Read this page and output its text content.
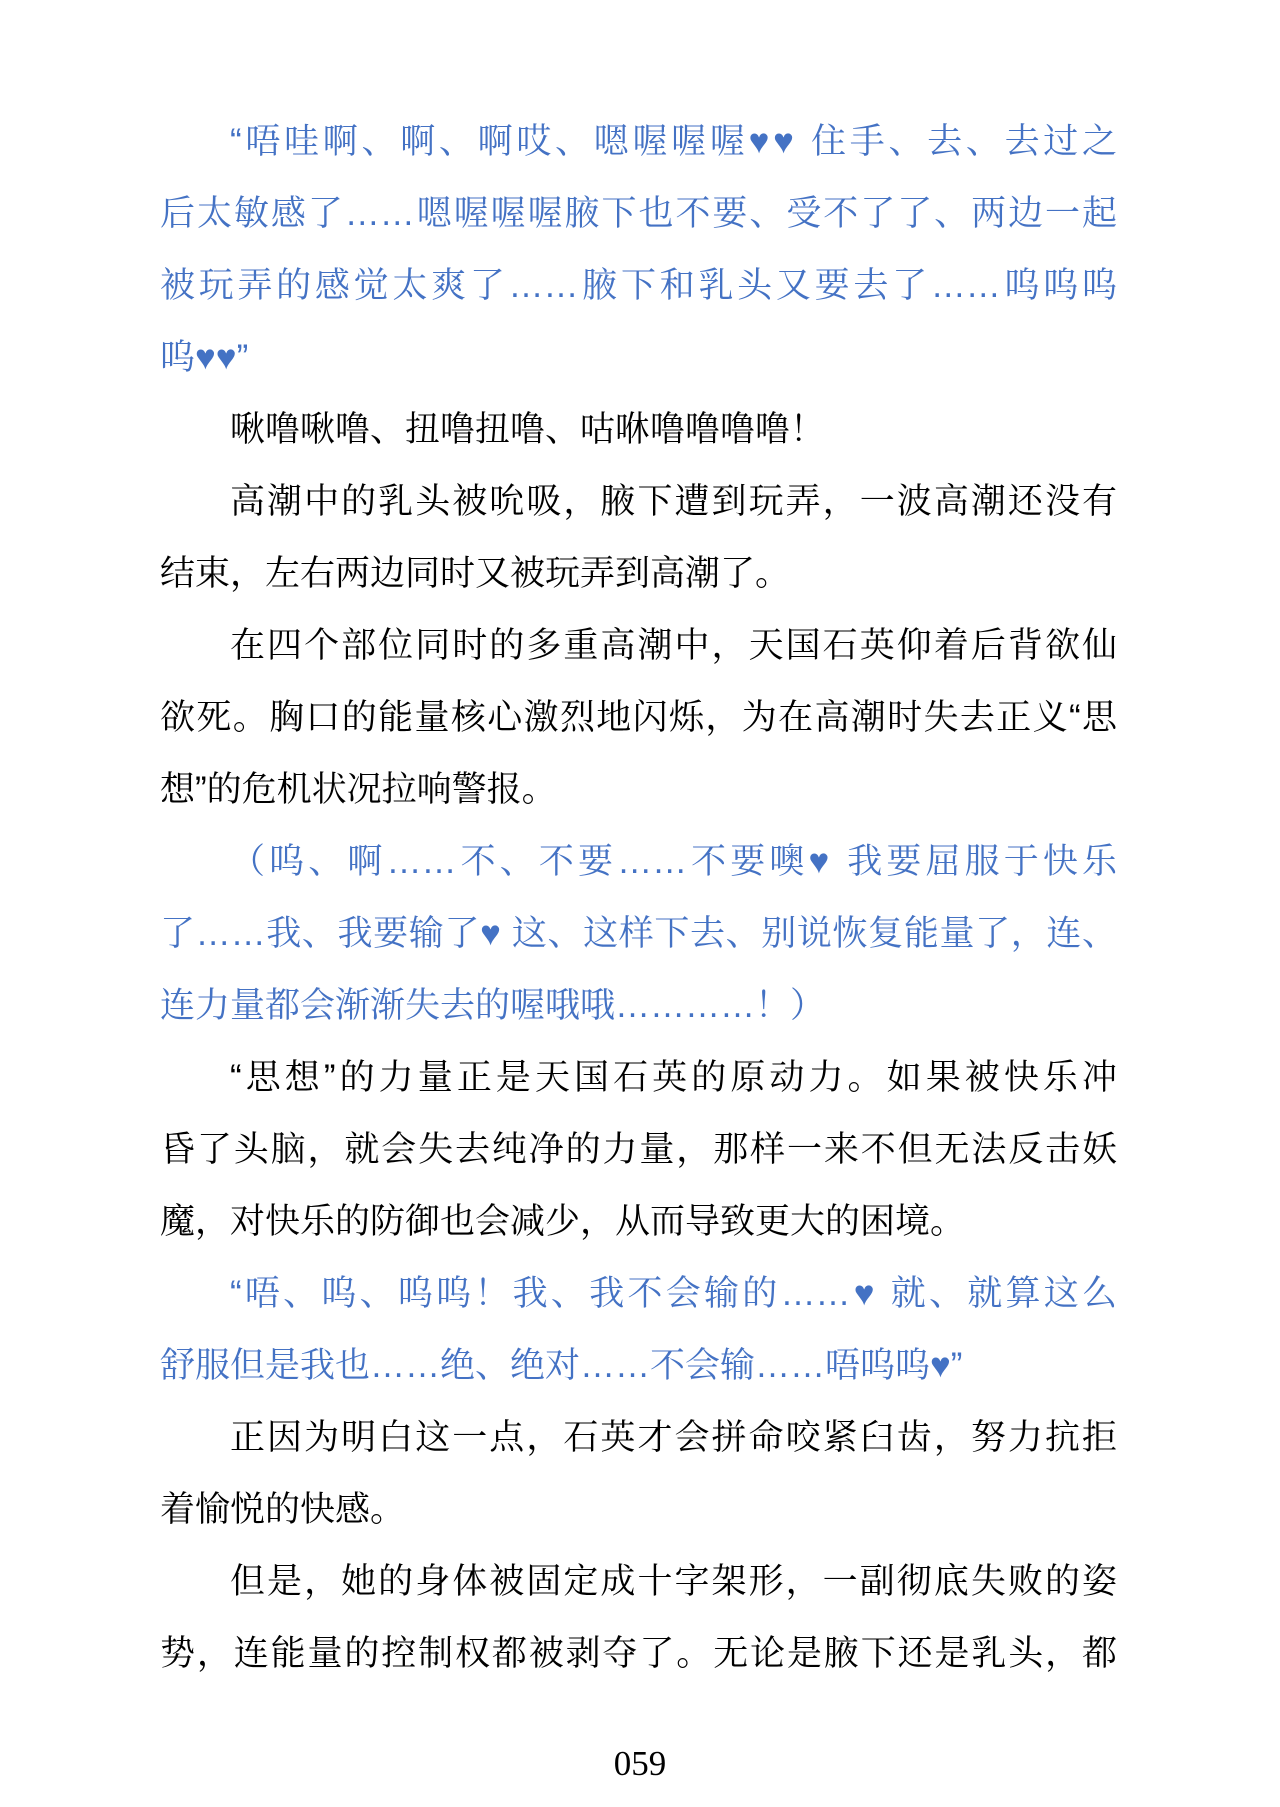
“唔哇啊、啊、啊哎、嗯喔喔喔♥♥ 住手、去、去过之
后太敏感了……嗯喔喔喔腋下也不要、受不了了、两边一起
被玩弄的感觉太爽了……腋下和乳头又要去了……呜呜呜
呜♥♥”
啾噜啾噜、扭噜扭噜、咕咻噜噜噜噜！
高潮中的乳头被吮吸，腋下遭到玩弄，一波高潮还没有
结束，左右两边同时又被玩弄到高潮了。
在四个部位同时的多重高潮中，天国石英仰着后背欲仙
欲死。胸口的能量核心激烈地闪烁，为在高潮时失去正义“思
想”的危机状况拉响警报。
（呜、啊……不、不要……不要噢♥ 我要屈服于快乐
了……我、我要输了♥ 这、这样下去、别说恢复能量了，连、
连力量都会渐渐失去的喔哦哦…………！）
“思想”的力量正是天国石英的原动力。如果被快乐冲
昏了头脑，就会失去纯净的力量，那样一来不但无法反击妖
魔，对快乐的防御也会减少，从而导致更大的困境。
“唔、呜、呜呜！我、我不会输的……♥ 就、就算这么
舒服但是我也……绝、绝对……不会输……唔呜呜♥”
正因为明白这一点，石英才会拼命咬紧臼齿，努力抗拒
着愉悦的快感。
但是，她的身体被固定成十字架形，一副彻底失败的姿
势，连能量的控制权都被剥夺了。无论是腋下还是乳头，都
059
